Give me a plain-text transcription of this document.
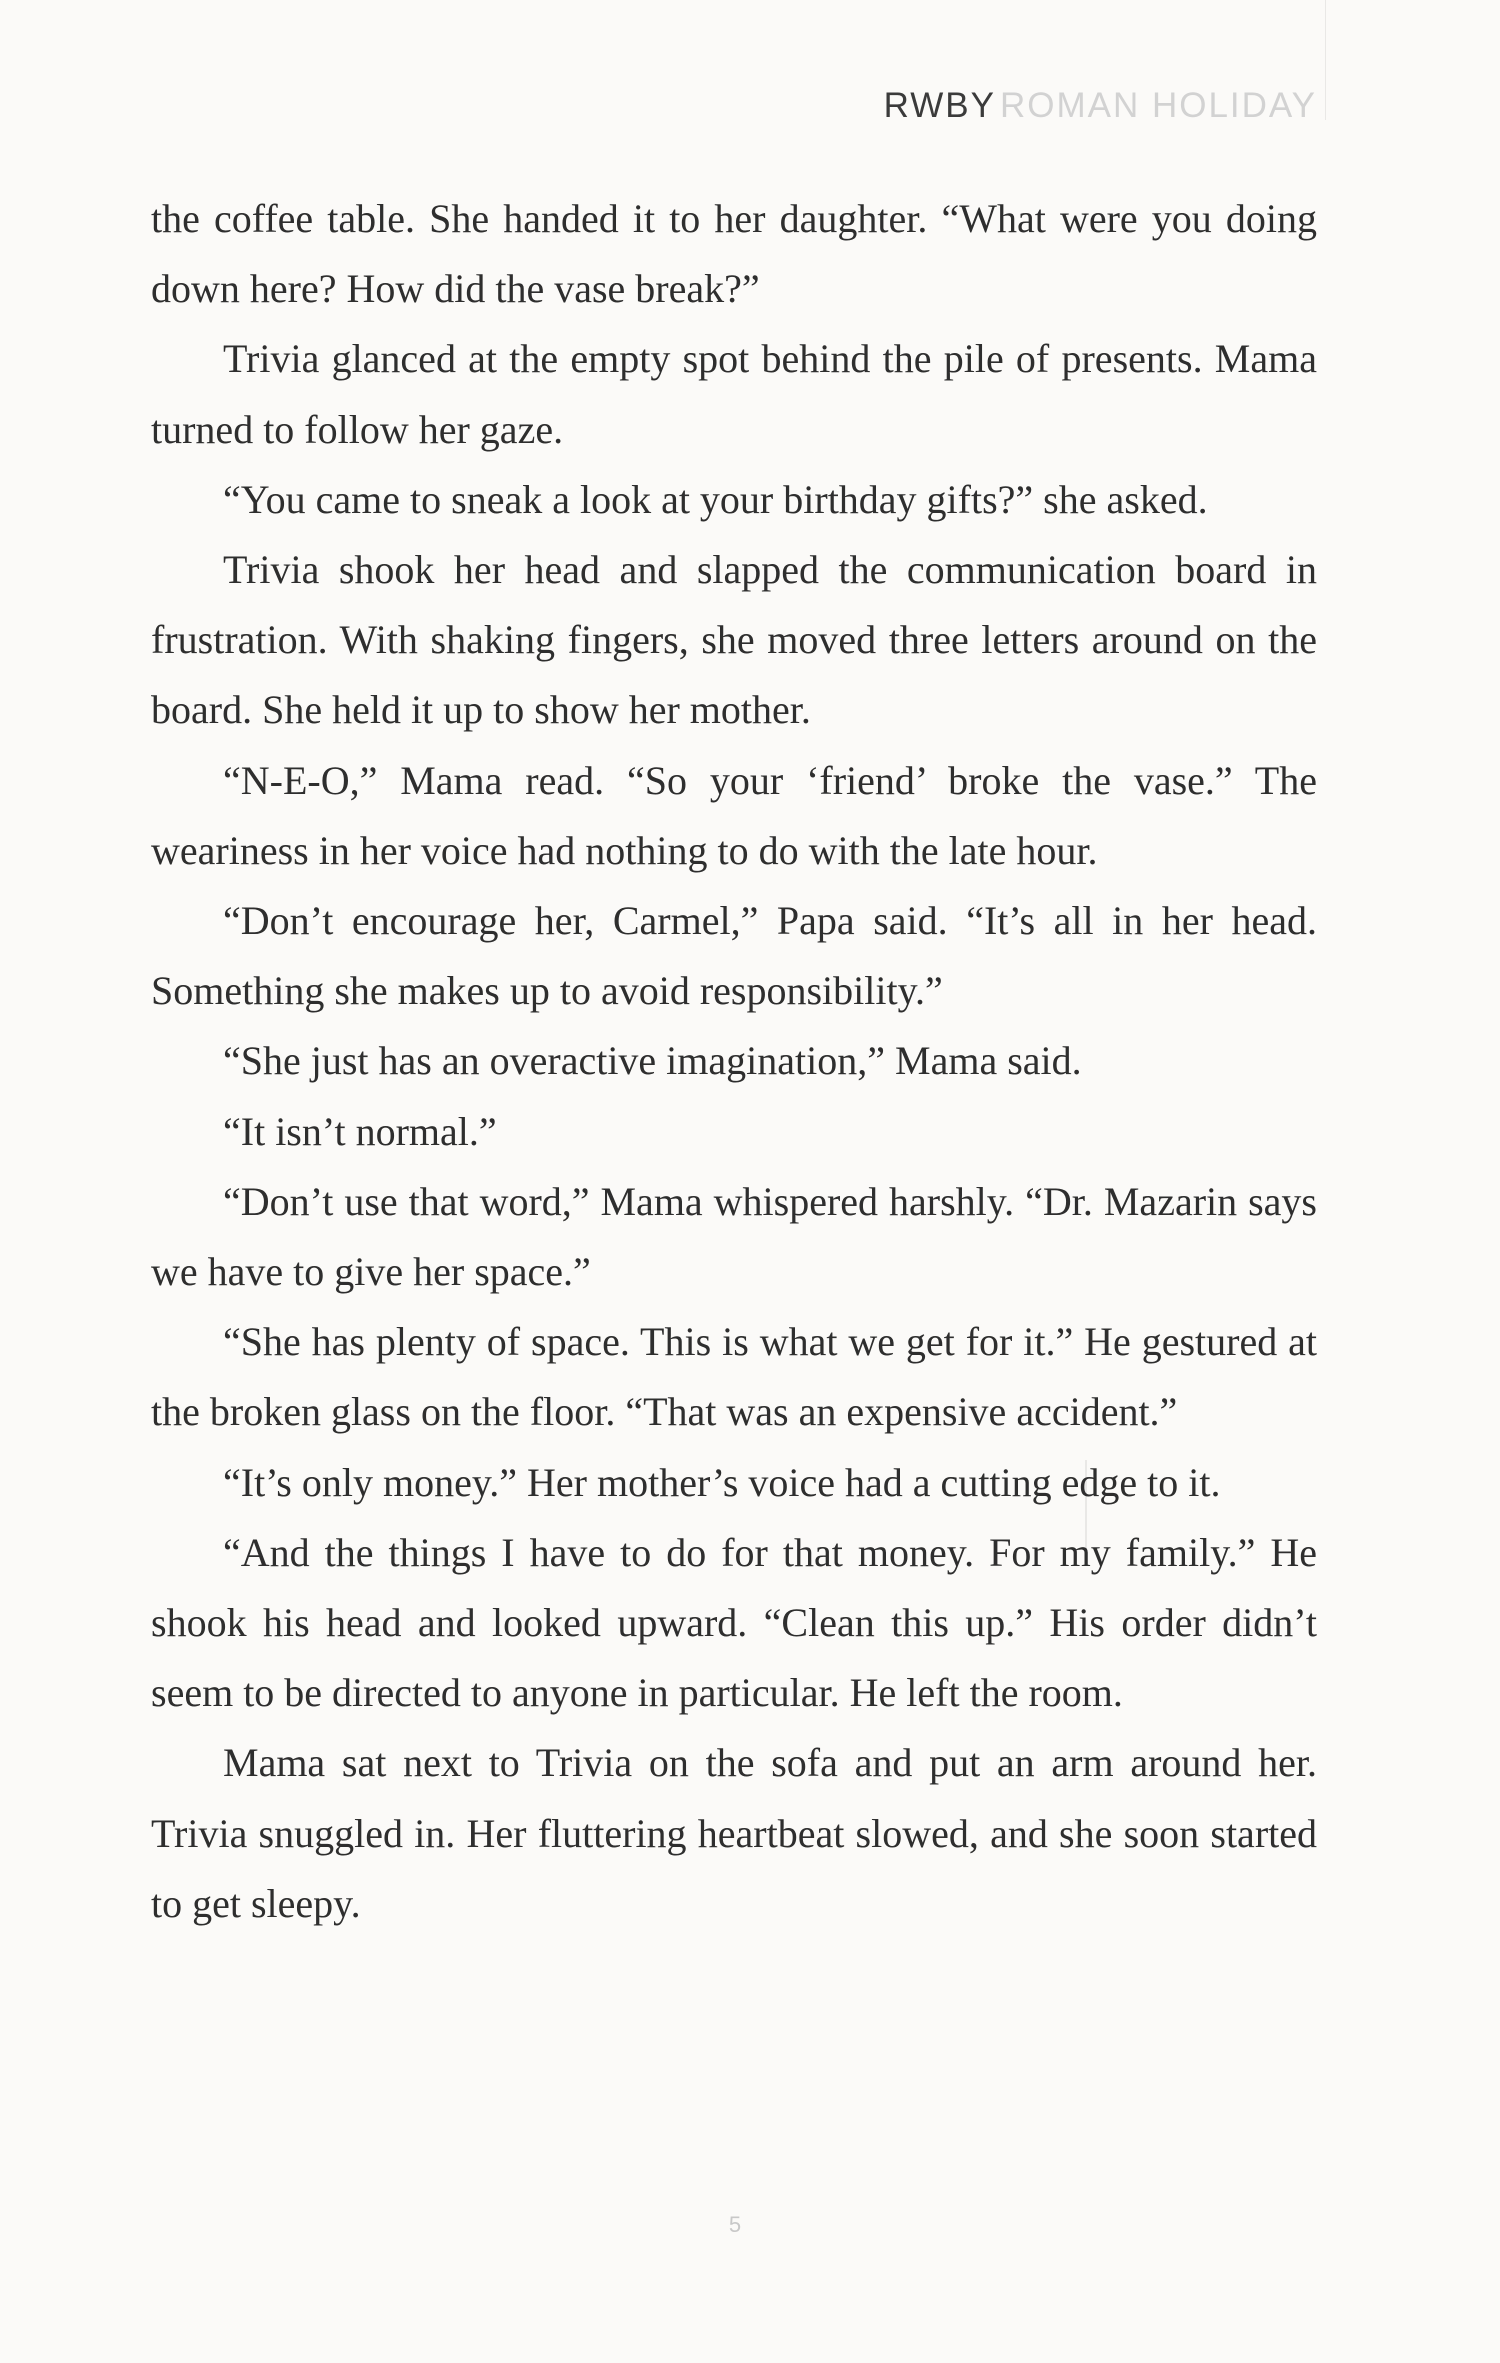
RWBY ROMAN HOLIDAY

the coffee table. She handed it to her daughter. “What were you doing down here? How did the vase break?”

Trivia glanced at the empty spot behind the pile of presents. Mama turned to follow her gaze.

“You came to sneak a look at your birthday gifts?” she asked.

Trivia shook her head and slapped the communication board in frustration. With shaking fingers, she moved three letters around on the board. She held it up to show her mother.

“N-E-O,” Mama read. “So your ‘friend’ broke the vase.” The weariness in her voice had nothing to do with the late hour.

“Don’t encourage her, Carmel,” Papa said. “It’s all in her head. Something she makes up to avoid responsibility.”

“She just has an overactive imagination,” Mama said.

“It isn’t normal.”

“Don’t use that word,” Mama whispered harshly. “Dr. Mazarin says we have to give her space.”

“She has plenty of space. This is what we get for it.” He gestured at the broken glass on the floor. “That was an expensive accident.”

“It’s only money.” Her mother’s voice had a cutting edge to it.

“And the things I have to do for that money. For my family.” He shook his head and looked upward. “Clean this up.” His order didn’t seem to be directed to anyone in particular. He left the room.

Mama sat next to Trivia on the sofa and put an arm around her. Trivia snuggled in. Her fluttering heartbeat slowed, and she soon started to get sleepy.

5
